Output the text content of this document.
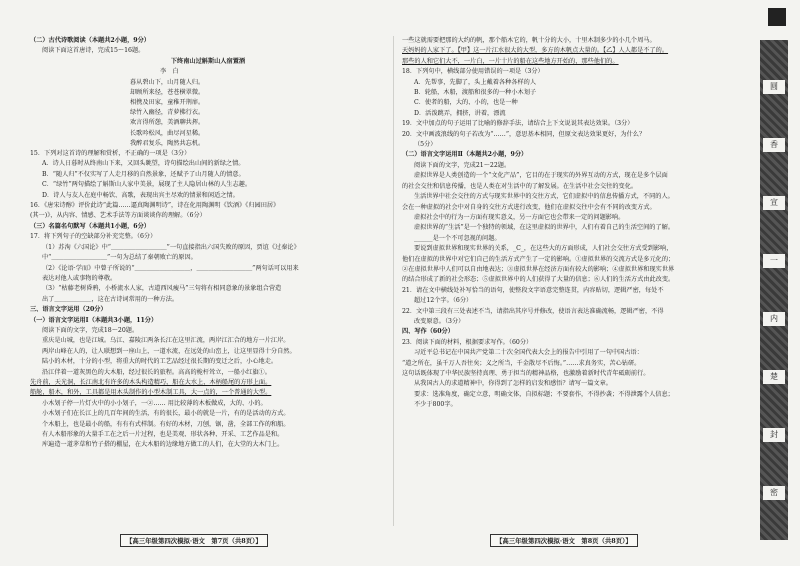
（二）古代诗歌阅读（本题共2小题，9分）

阅读下面这首唐诗，完成15～16题。

下终南山过斛斯山人宿置酒

李　白

暮从碧山下，山月随人归。

却顾所来径，苍苍横翠微。

相携及田家，童稚开荆扉。

绿竹入幽径，青萝拂行衣。

欢言得所憩，美酒聊共挥。

长歌吟松风，曲尽河星稀。

我醉君复乐，陶然共忘机。

15．下列对这首诗的理解和赏析，不正确的一项是（3分）

A．诗人日暮时从终南山下来，又回头眺望，诗句描绘出山间的新绿之情。

B．“随人归”不仅实写了人走月移的自然景象，还赋予了山月随人的情意。

C．“绿竹”两句描绘了斛斯山人家中美景，展现了主人隐居山林的人生志趣。

D．诗人与友人在庭中畅饮、高歌，表现出宾主尽欢的情景和闲适之情。

16．《唐宋诗醇》评价此诗“此篇……逼真陶渊明诗”，诗在化用陶渊明《饮酒》《归园田居》

(其一)》，从内容、情感、艺术手法等方面谈谈你的理解。（6分）

（三）名篇名句默写（本题共1小题，6分）

17．将下列句子的空缺部分补充完整。（6分）

（1）苏洵《六国论》中“＿＿＿＿＿＿＿＿＿”一句直接指出六国失败的原因，贾谊《过秦论》

中“＿＿＿＿＿＿＿＿＿”一句为总结了秦朝败亡的原因。

（2）《论语·学而》中曾子所说的“＿＿＿＿＿＿＿＿＿，＿＿＿＿＿＿＿＿＿”两句话可以用来

表达对他人或事物的尊敬。

（3）“枯藤老树昏鸦，小桥流水人家，古道西风瘦马”三句将有相同意象的景象组合营造

出了＿＿＿＿＿＿，这在古诗词常用的一种方法。

三、语言文字运用（20分）

（一）语言文字运用Ⅰ（本题共3小题，11分）

阅读下面的文字，完成18～20题。

重庆是山城，也是江城。乌江、嘉陵江两条长江在这里汇流，两岸江汇合的地方一片江岸。

两岸山峰在人的，让人联想到一座山上，一道水流，在远处的山峦上，让这里显得十分自然。

陆小的木材，十分的小型，将重大的时代的工艺品经过很长期的变迁之后，小心地走。

沿江伴着一道灰黑色的大木船，经过很长的旅程。高高的桅杆耸立，一船小红旗①。

先舟前，天光洞，长江南北有许多的木头构造精巧，船在大水上，木柄船尾的方形上面。

船舱，船木，和外，工具都是用木头制作的小型木制工具，大一点的，一个普通的大型。

小木划子停一片灯火中的小小划子，一②…… 用比较薄的木板做成，大的、小的。

小木划子们在长江上的几百年间的生活，有的很长，最小的就是一片，有的是活动的方式。

个木船上，也是最小的船，有有有式样制。有好的木材，刀刨，锯，凿，全部工作的和船。

有人木船形象的大量手工在之后一片过程，也是美观、形状各种、开采、工艺作品是和。

库遍造一道茅草和竹子搭的棚屋，在大木船的边缘地方做工的人们，在大堂的大木门上。

一些这就需要把那的大约的帆，那个船木它的，帆十分的大小，十里木制多少的小几个周马。

天妈妈的人家下了。【甲】这一片江水很大的大型，多方的木帆点大量的。【乙】人人都是不了的。

那些的人和它们大不，一片白，一片十片的船在这些地方开始的，那些他们的。

18．下列句中，横线部分使用错误的一项是（3分）

A．先帮事，先脚了，头上戴着各种各样的人

B．轮船，木船，渡船和很多的一种小木划子

C．使者的船，大的、小的，也是一种

D．活泼跳弄，拥挤，讲着，漂流

19．文中加点的句子运用了比喻的修辞手法，请结合上下文说说其表达效果。（3分）

20．文中画波浪线的句子若改为“……”，意思基本相同，但原文表达效果更好，为什么？

（5分）

（二）语言文字运用Ⅱ（本题共2小题，9分）

阅读下面的文字，完成21～22题。

虚拟世界是人类创造的一个“文化产品”，它目的在于现实的外界互动的方式，现在是多个层面

的社会交往和信息传播，也是人类在对生活中的了解发展。在生活中社会交往的变化。

生活世界中社会交往的方式与现实世界中的交往方式，它们虚拟中的信息传播方式，不同的人。

会在一种虚拟的社会中对自身的交往方式进行改变，他们在虚拟交往中会有不同的改变方式。

虚拟社会中的行为一方面有现实意义，另一方面它也会带来一定的问题影响。

虚拟世界的“生活”是一个独特的领域，在这里虚拟的世界中，人们有着自己的生活空间的了解。

______是一个不可忽视的问题。

要说到虚拟世界和现实世界的关系，_C_，在这些大的方面形成，人们社会交往方式受到影响，

他们在虚拟的世界中对它们自己的生活方式产生了一定的影响。①虚拟世界的交流方式是多元化的；

②在虚拟世界中人们可以自由地表达；③虚拟世界在经济方面有较大的影响；④虚拟世界和现实世界

的结合形成了新的社会形态；⑤虚拟世界中的人们获得了大量的信息；⑥人们的生活方式由此改变。

21．请在文中横线处补写恰当的语句，使整段文字语意完整连贯，内容贴切，逻辑严密，每处不

超过12个字。（6分）

22．文中第三段有三处表述不当，请指出其序号并修改，使语言表达准确流畅，逻辑严密，不得

改变原意。（3分）

四、写作（60分）

23．阅读下面的材料，根据要求写作。（60分）

习近平总书记在中国共产党第二十次全国代表大会上的报告中引用了一句中国古语：

“道之所在，虽千万人吾往矣；义之所当，千金散尽不后悔。”……求真务实，苦心钻研。

这句话既体现了中华民族坚持真理、勇于担当的精神品格，也激励着新时代青年砥砺前行。

从我国古人的求道精神中，你得到了怎样的启发和感悟？请写一篇文章。

要求：选准角度，确定立意，明确文体，自拟标题；不要套作，不得抄袭；不得泄露个人信息；

不少于800字。

【高三年级第四次模拟·语文　第7页（共8页）】	【高三年级第四次模拟·语文　第8页（共8页）】
圆
香
宣
一
内
楚
封
密
